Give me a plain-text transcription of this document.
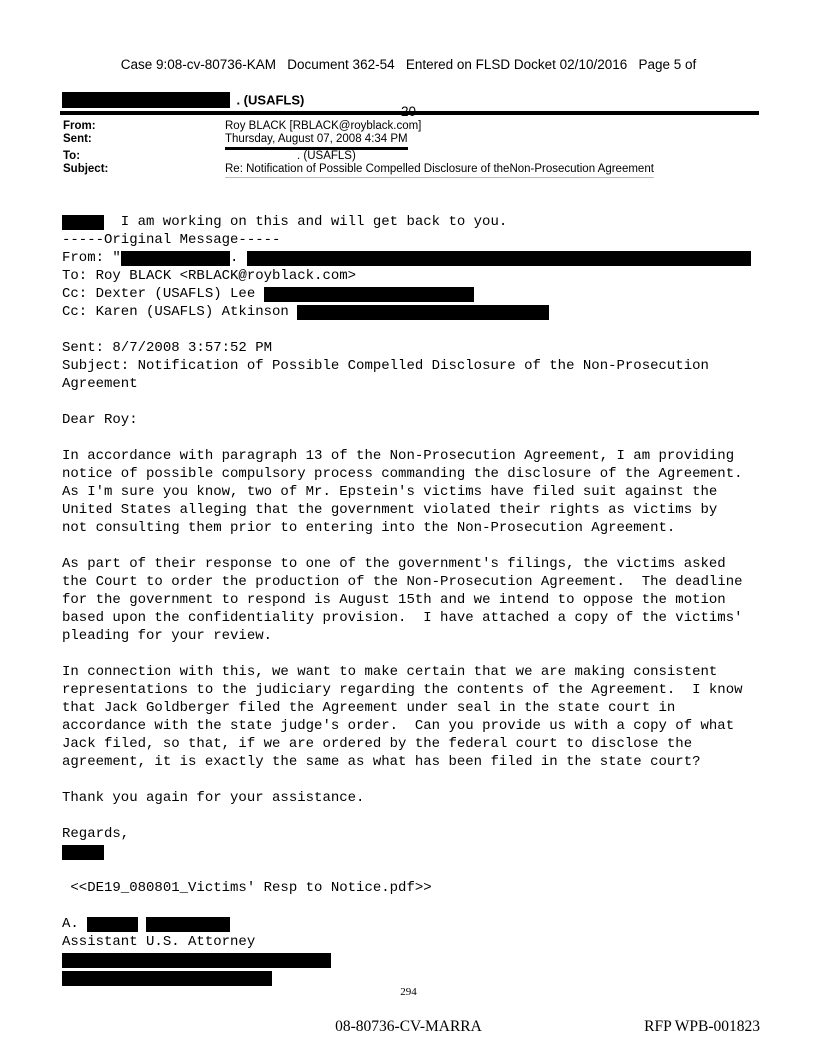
Case 9:08-cv-80736-KAM   Document 362-54   Entered on FLSD Docket 02/10/2016   Page 5 of

. (USAFLS)
From:	Roy BLACK [RBLACK@royblack.com]
Sent:	Thursday, August 07, 2008 4:34 PM
To:	. (USAFLS)
Subject:	Re: Notification of Possible Compelled Disclosure of theNon-Prosecution Agreement
I am working on this and will get back to you.
-----Original Message-----
From: "	.
To: Roy BLACK <RBLACK@royblack.com>
Cc: Dexter (USAFLS) Lee
Cc: Karen (USAFLS) Atkinson

Sent: 8/7/2008 3:57:52 PM
Subject: Notification of Possible Compelled Disclosure of the Non-Prosecution
Agreement

Dear Roy:

In accordance with paragraph 13 of the Non-Prosecution Agreement, I am providing
notice of possible compulsory process commanding the disclosure of the Agreement.
As I'm sure you know, two of Mr. Epstein's victims have filed suit against the
United States alleging that the government violated their rights as victims by
not consulting them prior to entering into the Non-Prosecution Agreement.

As part of their response to one of the government's filings, the victims asked
the Court to order the production of the Non-Prosecution Agreement.  The deadline
for the government to respond is August 15th and we intend to oppose the motion
based upon the confidentiality provision.  I have attached a copy of the victims'
pleading for your review.

In connection with this, we want to make certain that we are making consistent
representations to the judiciary regarding the contents of the Agreement.  I know
that Jack Goldberger filed the Agreement under seal in the state court in
accordance with the state judge's order.  Can you provide us with a copy of what
Jack filed, so that, if we are ordered by the federal court to disclose the
agreement, it is exactly the same as what has been filed in the state court?

Thank you again for your assistance.

Regards,

<<DE19_080801_Victims' Resp to Notice.pdf>>

A.
Assistant U.S. Attorney
294
08-80736-CV-MARRA	RFP WPB-001823
